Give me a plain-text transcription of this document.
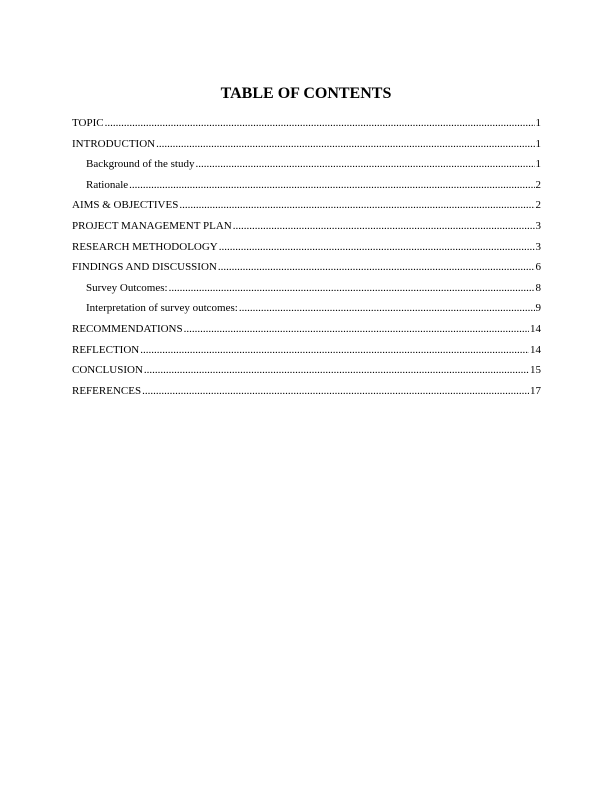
TABLE OF CONTENTS
TOPIC .....	1
INTRODUCTION .....	1
Background of the study .....	1
Rationale .....	2
AIMS & OBJECTIVES .....	2
PROJECT MANAGEMENT PLAN .....	3
RESEARCH METHODOLOGY .....	3
FINDINGS AND DISCUSSION .....	6
Survey Outcomes: .....	8
Interpretation of survey outcomes: .....	9
RECOMMENDATIONS .....	14
REFLECTION .....	14
CONCLUSION .....	15
REFERENCES .....	17
